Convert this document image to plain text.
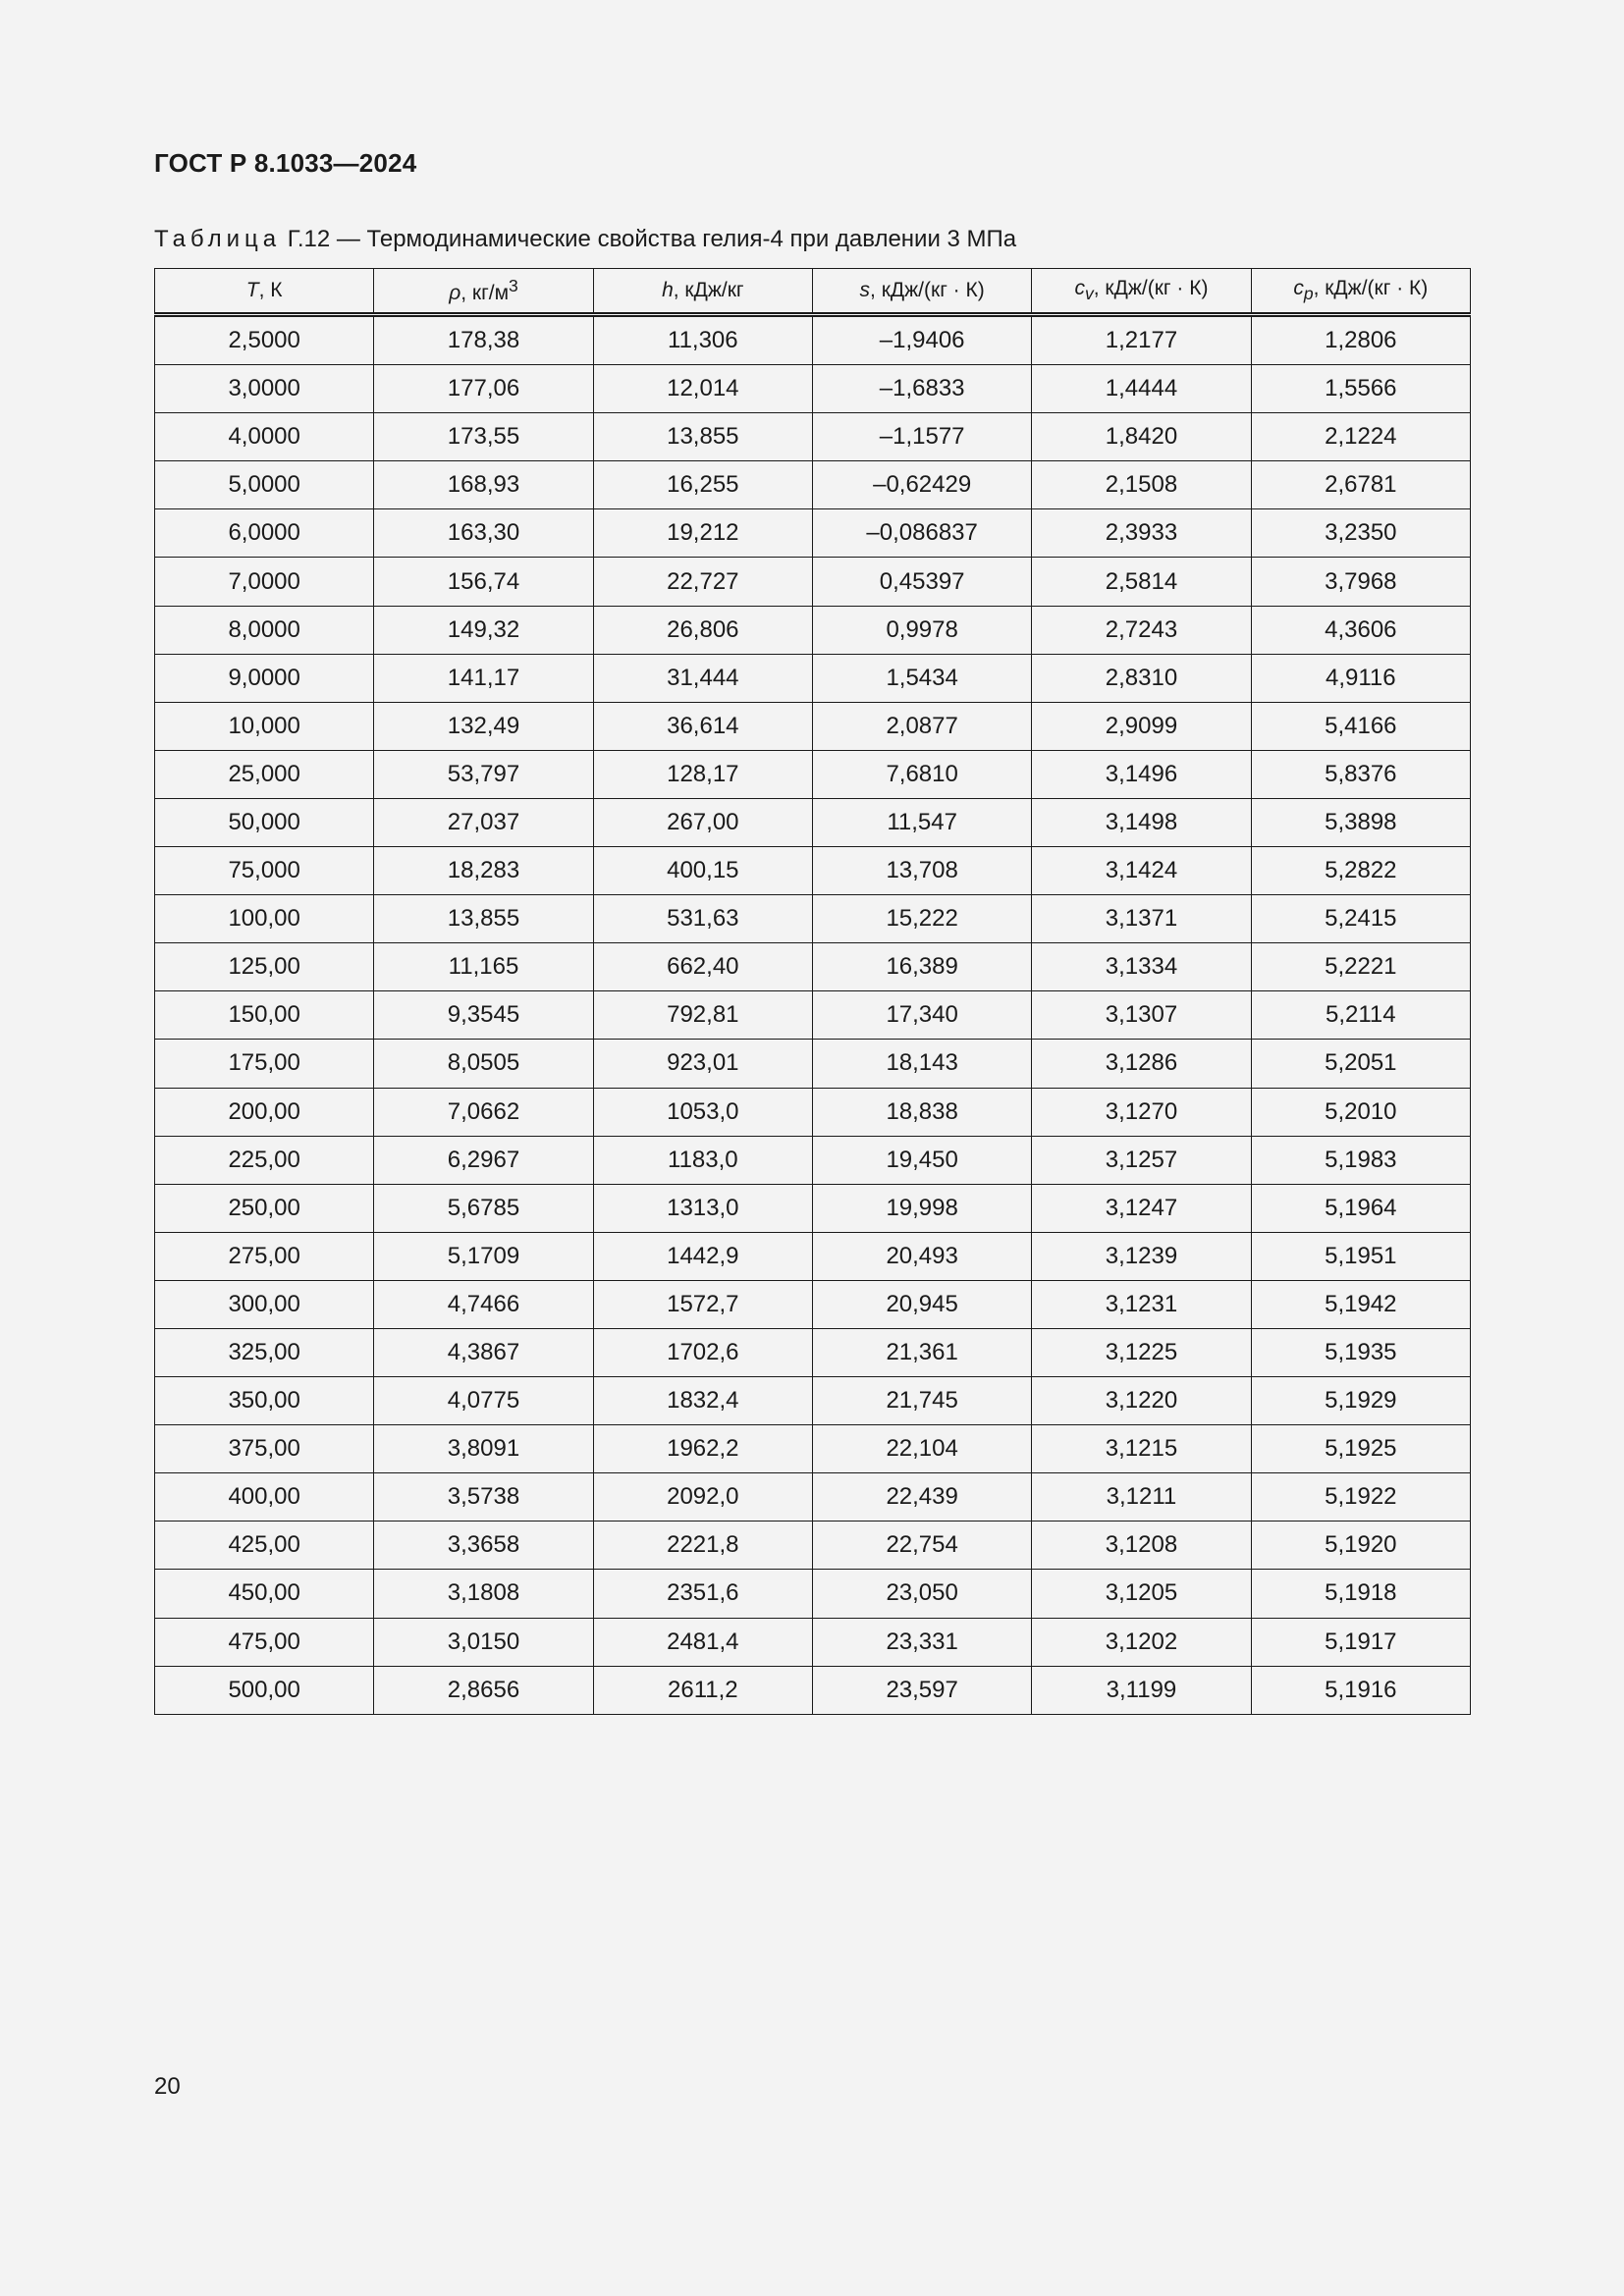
ГОСТ Р 8.1033—2024
Таблица Г.12 — Термодинамические свойства гелия-4 при давлении 3 МПа
T, К	ρ, $кг/м^3$	h, кДж/кг	s, кДж/(кг · К)	$c_v$, кДж/(кг · К)	$c_p$, кДж/(кг · К)
2,5000	178,38	11,306	–1,9406	1,2177	1,2806
3,0000	177,06	12,014	–1,6833	1,4444	1,5566
4,0000	173,55	13,855	–1,1577	1,8420	2,1224
5,0000	168,93	16,255	–0,62429	2,1508	2,6781
6,0000	163,30	19,212	–0,086837	2,3933	3,2350
7,0000	156,74	22,727	0,45397	2,5814	3,7968
8,0000	149,32	26,806	0,9978	2,7243	4,3606
9,0000	141,17	31,444	1,5434	2,8310	4,9116
10,000	132,49	36,614	2,0877	2,9099	5,4166
25,000	53,797	128,17	7,6810	3,1496	5,8376
50,000	27,037	267,00	11,547	3,1498	5,3898
75,000	18,283	400,15	13,708	3,1424	5,2822
100,00	13,855	531,63	15,222	3,1371	5,2415
125,00	11,165	662,40	16,389	3,1334	5,2221
150,00	9,3545	792,81	17,340	3,1307	5,2114
175,00	8,0505	923,01	18,143	3,1286	5,2051
200,00	7,0662	1053,0	18,838	3,1270	5,2010
225,00	6,2967	1183,0	19,450	3,1257	5,1983
250,00	5,6785	1313,0	19,998	3,1247	5,1964
275,00	5,1709	1442,9	20,493	3,1239	5,1951
300,00	4,7466	1572,7	20,945	3,1231	5,1942
325,00	4,3867	1702,6	21,361	3,1225	5,1935
350,00	4,0775	1832,4	21,745	3,1220	5,1929
375,00	3,8091	1962,2	22,104	3,1215	5,1925
400,00	3,5738	2092,0	22,439	3,1211	5,1922
425,00	3,3658	2221,8	22,754	3,1208	5,1920
450,00	3,1808	2351,6	23,050	3,1205	5,1918
475,00	3,0150	2481,4	23,331	3,1202	5,1917
500,00	2,8656	2611,2	23,597	3,1199	5,1916
20
